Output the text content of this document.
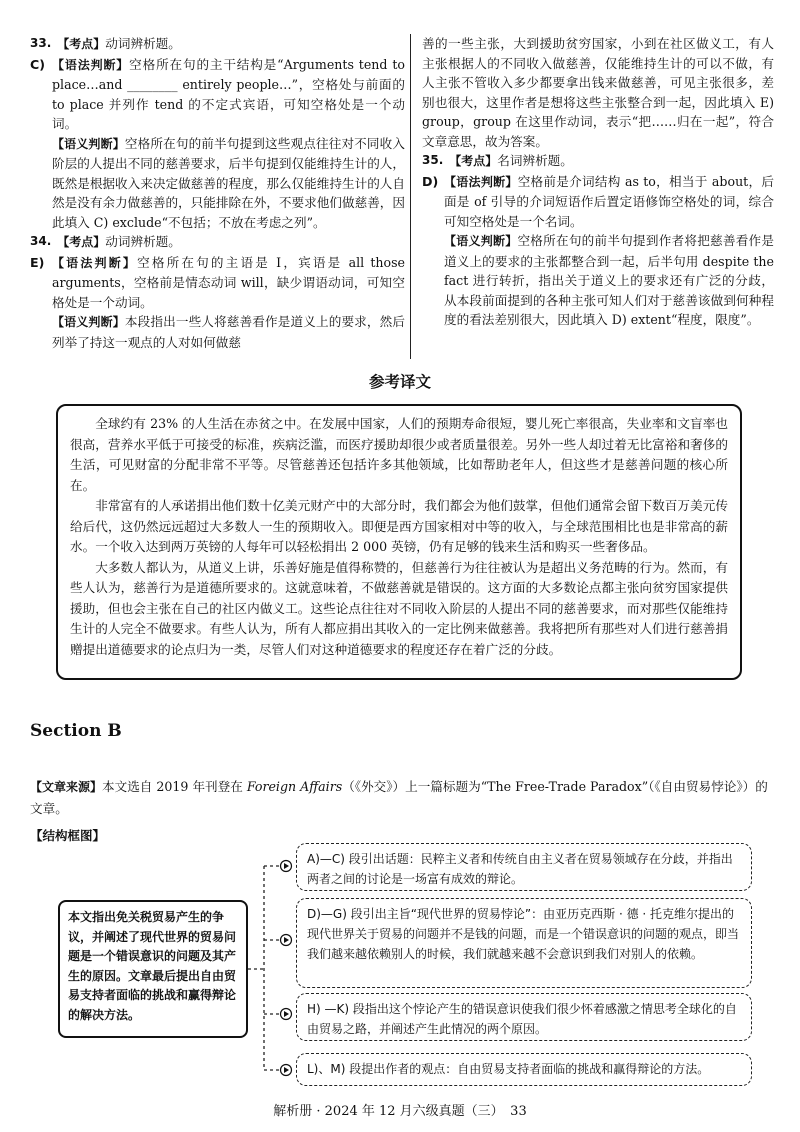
33. 【考点】动词辨析题。
C) 【语法判断】空格所在句的主干结构是“Arguments tend to place…and ________ entirely people…”，空格处与前面的 to place 并列作 tend 的不定式宾语，可知空格处是一个动词。

【语义判断】空格所在句的前半句提到这些观点往往对不同收入阶层的人提出不同的慈善要求，后半句提到仅能维持生计的人，既然是根据收入来决定做慈善的程度，那么仅能维持生计的人自然是没有余力做慈善的，只能排除在外，不要求他们做慈善，因此填入 C) exclude“不包括；不放在考虑之列”。

34. 【考点】动词辨析题。
E) 【语法判断】空格所在句的主语是 I，宾语是 all those arguments，空格前是情态动词 will，缺少谓语动词，可知空格处是一个动词。

【语义判断】本段指出一些人将慈善看作是道义上的要求，然后列举了持这一观点的人对如何做慈

善的一些主张，大到援助贫穷国家，小到在社区做义工，有人主张根据人的不同收入做慈善，仅能维持生计的可以不做，有人主张不管收入多少都要拿出钱来做慈善，可见主张很多，差别也很大，这里作者是想将这些主张整合到一起，因此填入 E) group，group 在这里作动词，表示“把……归在一起”，符合文章意思，故为答案。

35. 【考点】名词辨析题。
D) 【语法判断】空格前是介词结构 as to，相当于 about，后面是 of 引导的介词短语作后置定语修饰空格处的词，综合可知空格处是一个名词。

【语义判断】空格所在句的前半句提到作者将把慈善看作是道义上的要求的主张都整合到一起，后半句用 despite the fact 进行转折，指出关于道义上的要求还有广泛的分歧，从本段前面提到的各种主张可知人们对于慈善该做到何种程度的看法差别很大，因此填入 D) extent“程度，限度”。

参考译文

全球约有 23% 的人生活在赤贫之中。在发展中国家，人们的预期寿命很短，婴儿死亡率很高，失业率和文盲率也很高，营养水平低于可接受的标准，疾病泛滥，而医疗援助却很少或者质量很差。另外一些人却过着无比富裕和奢侈的生活，可见财富的分配非常不平等。尽管慈善还包括许多其他领域，比如帮助老年人，但这些才是慈善问题的核心所在。

非常富有的人承诺捐出他们数十亿美元财产中的大部分时，我们都会为他们鼓掌，但他们通常会留下数百万美元传给后代，这仍然远远超过大多数人一生的预期收入。即便是西方国家相对中等的收入，与全球范围相比也是非常高的薪水。一个收入达到两万英镑的人每年可以轻松捐出 2 000 英镑，仍有足够的钱来生活和购买一些奢侈品。

大多数人都认为，从道义上讲，乐善好施是值得称赞的，但慈善行为往往被认为是超出义务范畴的行为。然而，有些人认为，慈善行为是道德所要求的。这就意味着，不做慈善就是错误的。这方面的大多数论点都主张向贫穷国家提供援助，但也会主张在自己的社区内做义工。这些论点往往对不同收入阶层的人提出不同的慈善要求，而对那些仅能维持生计的人完全不做要求。有些人认为，所有人都应捐出其收入的一定比例来做慈善。我将把所有那些对人们进行慈善捐赠提出道德要求的论点归为一类，尽管人们对这种道德要求的程度还存在着广泛的分歧。

Section B
【文章来源】本文选自 2019 年刊登在 Foreign Affairs（《外交》）上一篇标题为“The Free-Trade Paradox”（《自由贸易悖论》）的文章。
【结构框图】
本文指出免关税贸易产生的争议，并阐述了现代世界的贸易问题是一个错误意识的问题及其产生的原因。文章最后提出自由贸易支持者面临的挑战和赢得辩论的解决方法。
A)—C) 段引出话题：民粹主义者和传统自由主义者在贸易领域存在分歧，并指出两者之间的讨论是一场富有成效的辩论。
D)—G) 段引出主旨“现代世界的贸易悖论”：由亚历克西斯 · 德 · 托克维尔提出的现代世界关于贸易的问题并不是钱的问题，而是一个错误意识的问题的观点，即当我们越来越依赖别人的时候，我们就越来越不会意识到我们对别人的依赖。
H) —K) 段指出这个悖论产生的错误意识使我们很少怀着感激之情思考全球化的自由贸易之路，并阐述产生此情况的两个原因。
L)、M) 段提出作者的观点：自由贸易支持者面临的挑战和赢得辩论的方法。
解析册 · 2024 年 12 月六级真题（三）　33
